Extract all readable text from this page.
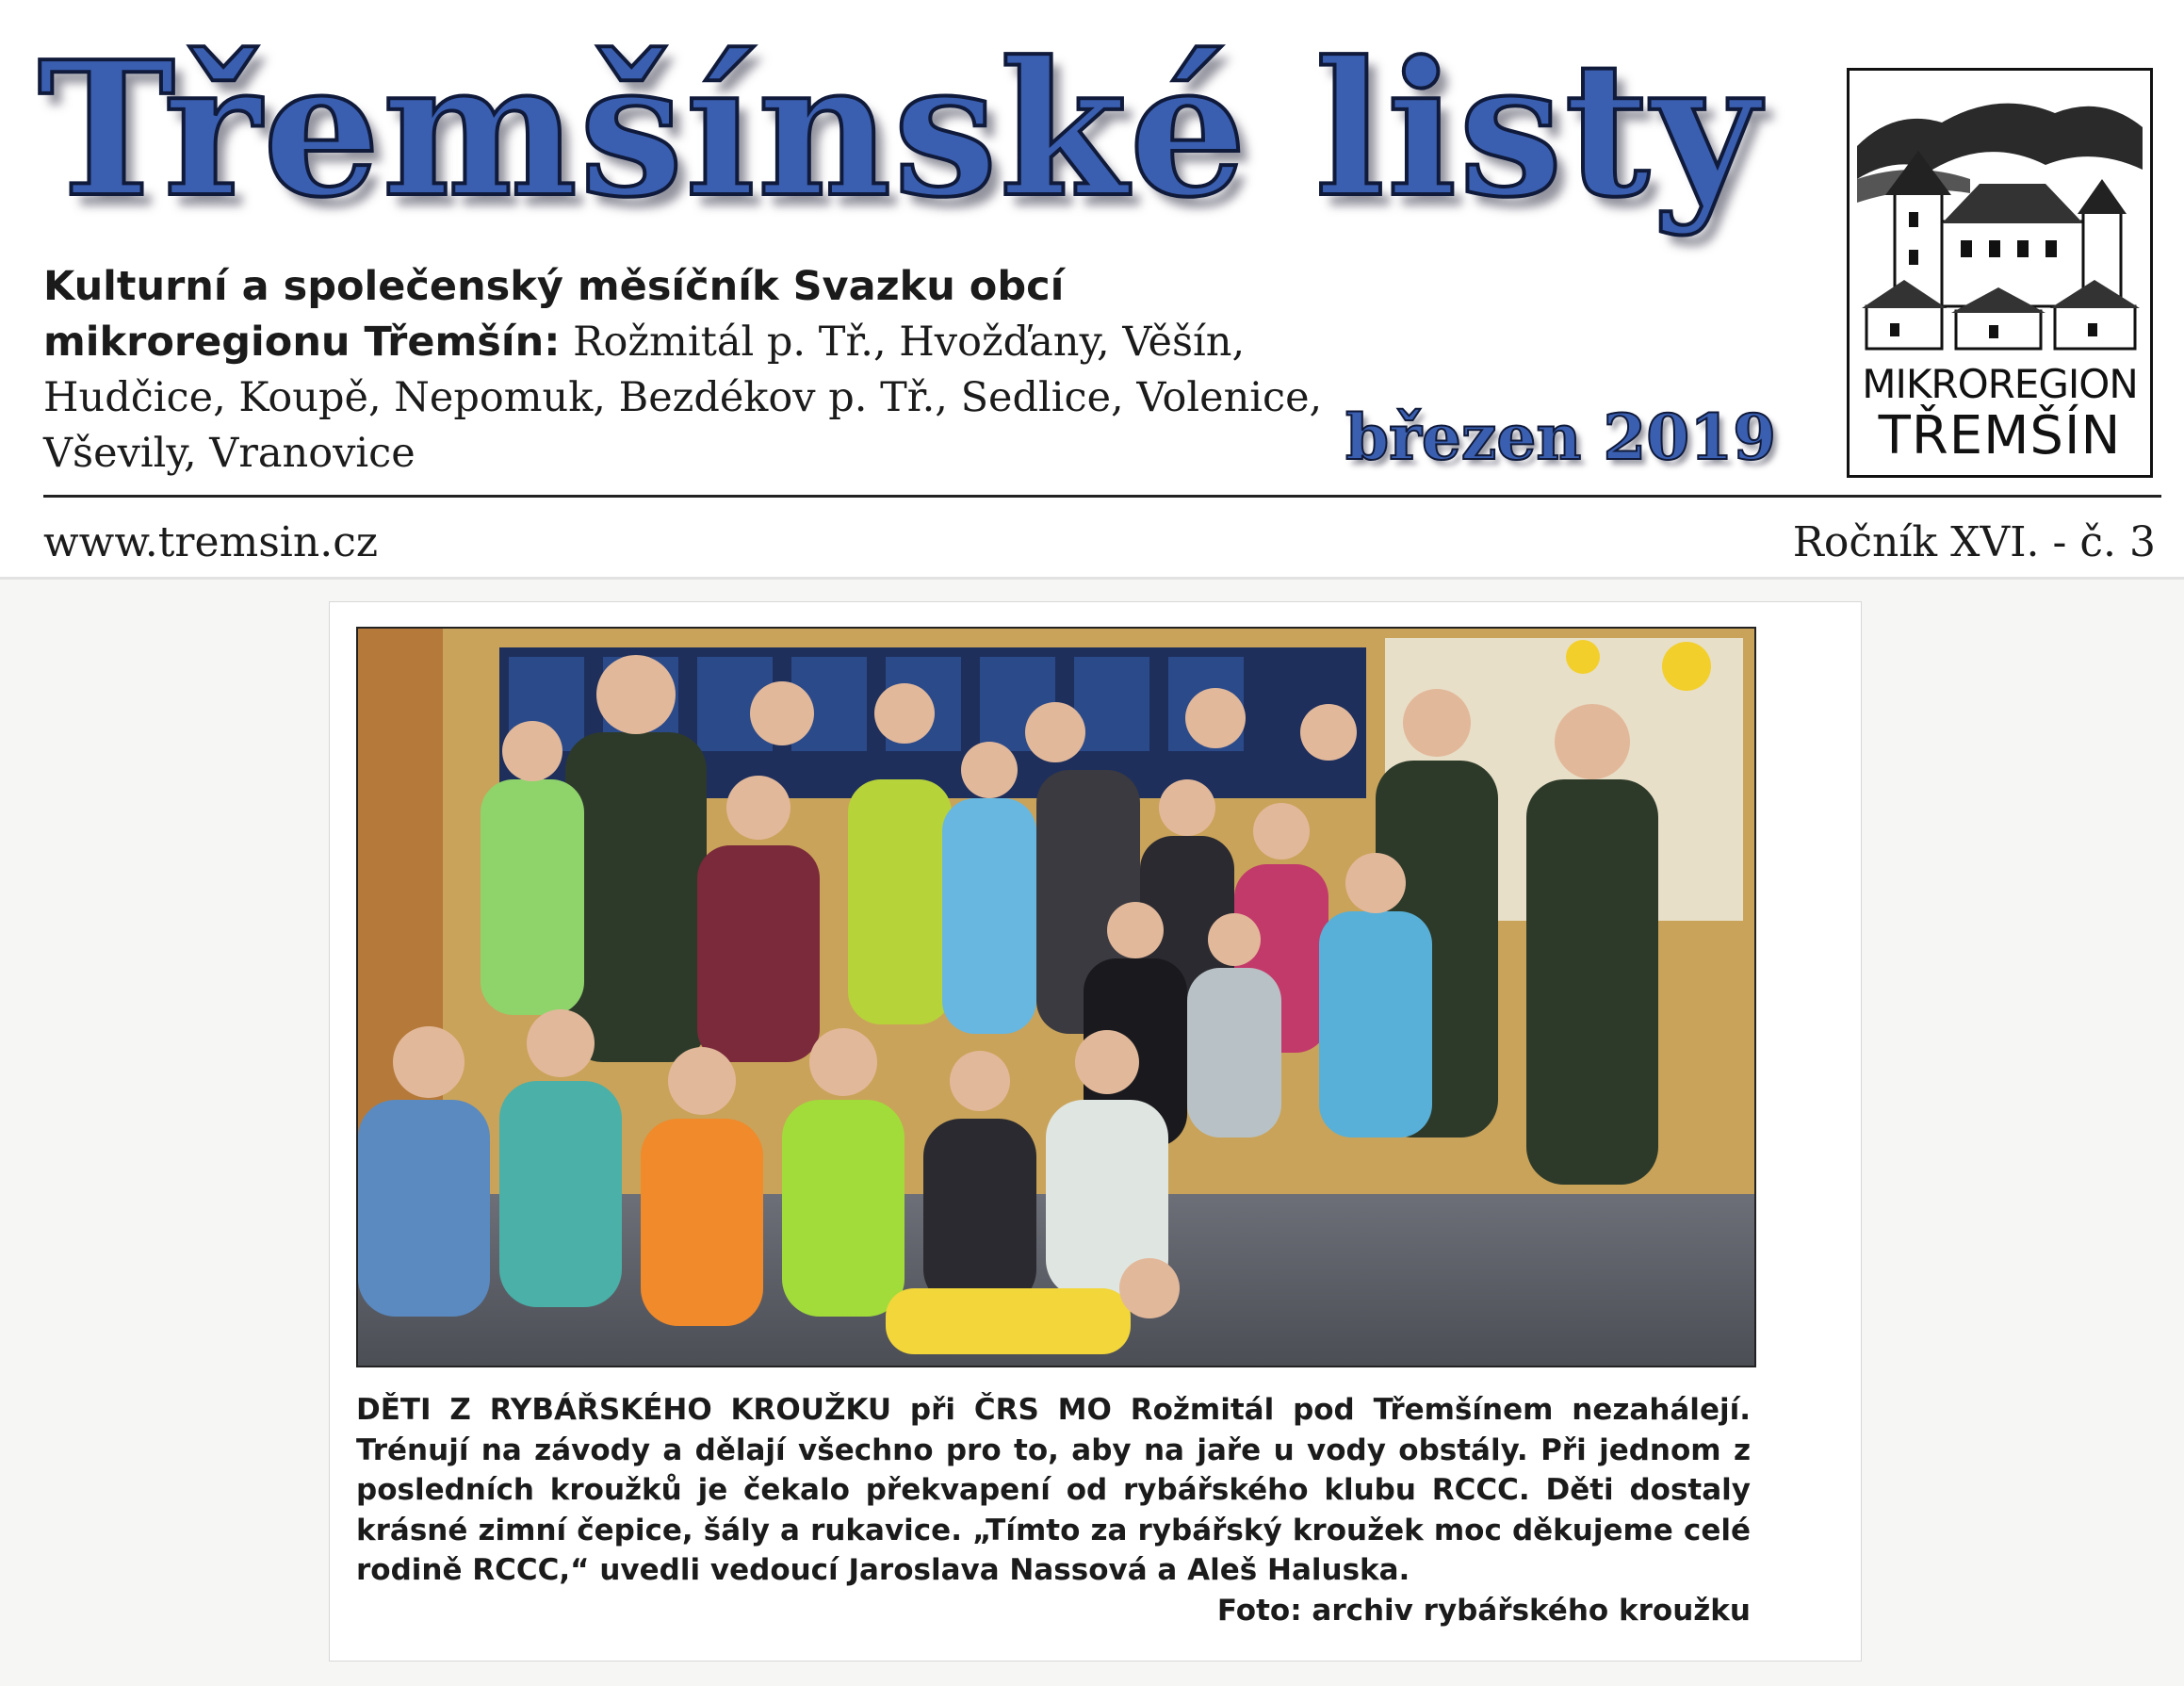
Třemšínské listy
Kulturní a společenský měsíčník Svazku obcí mikroregionu Třemšín: Rožmitál p. Tř., Hvožďany, Věšín, Hudčice, Koupě, Nepomuk, Bezdékov p. Tř., Sedlice, Volenice, Vševily, Vranovice	březen 2019
MIKROREGION
TŘEMŠÍN
www.tremsin.cz	Ročník XVI. - č. 3
DĚTI Z RYBÁŘSKÉHO KROUŽKU při ČRS MO Rožmitál pod Třemšínem nezahálejí. Trénují na závody a dělají všechno pro to, aby na jaře u vody obstály. Při jednom z posledních kroužků je čekalo překvapení od rybářského klubu RCCC. Děti dostaly krásné zimní čepice, šály a rukavice. „Tímto za rybářský kroužek moc děkujeme celé rodině RCCC,“ uvedli vedoucí Jaroslava Nassová a Aleš Haluska.
Foto: archiv rybářského kroužku
